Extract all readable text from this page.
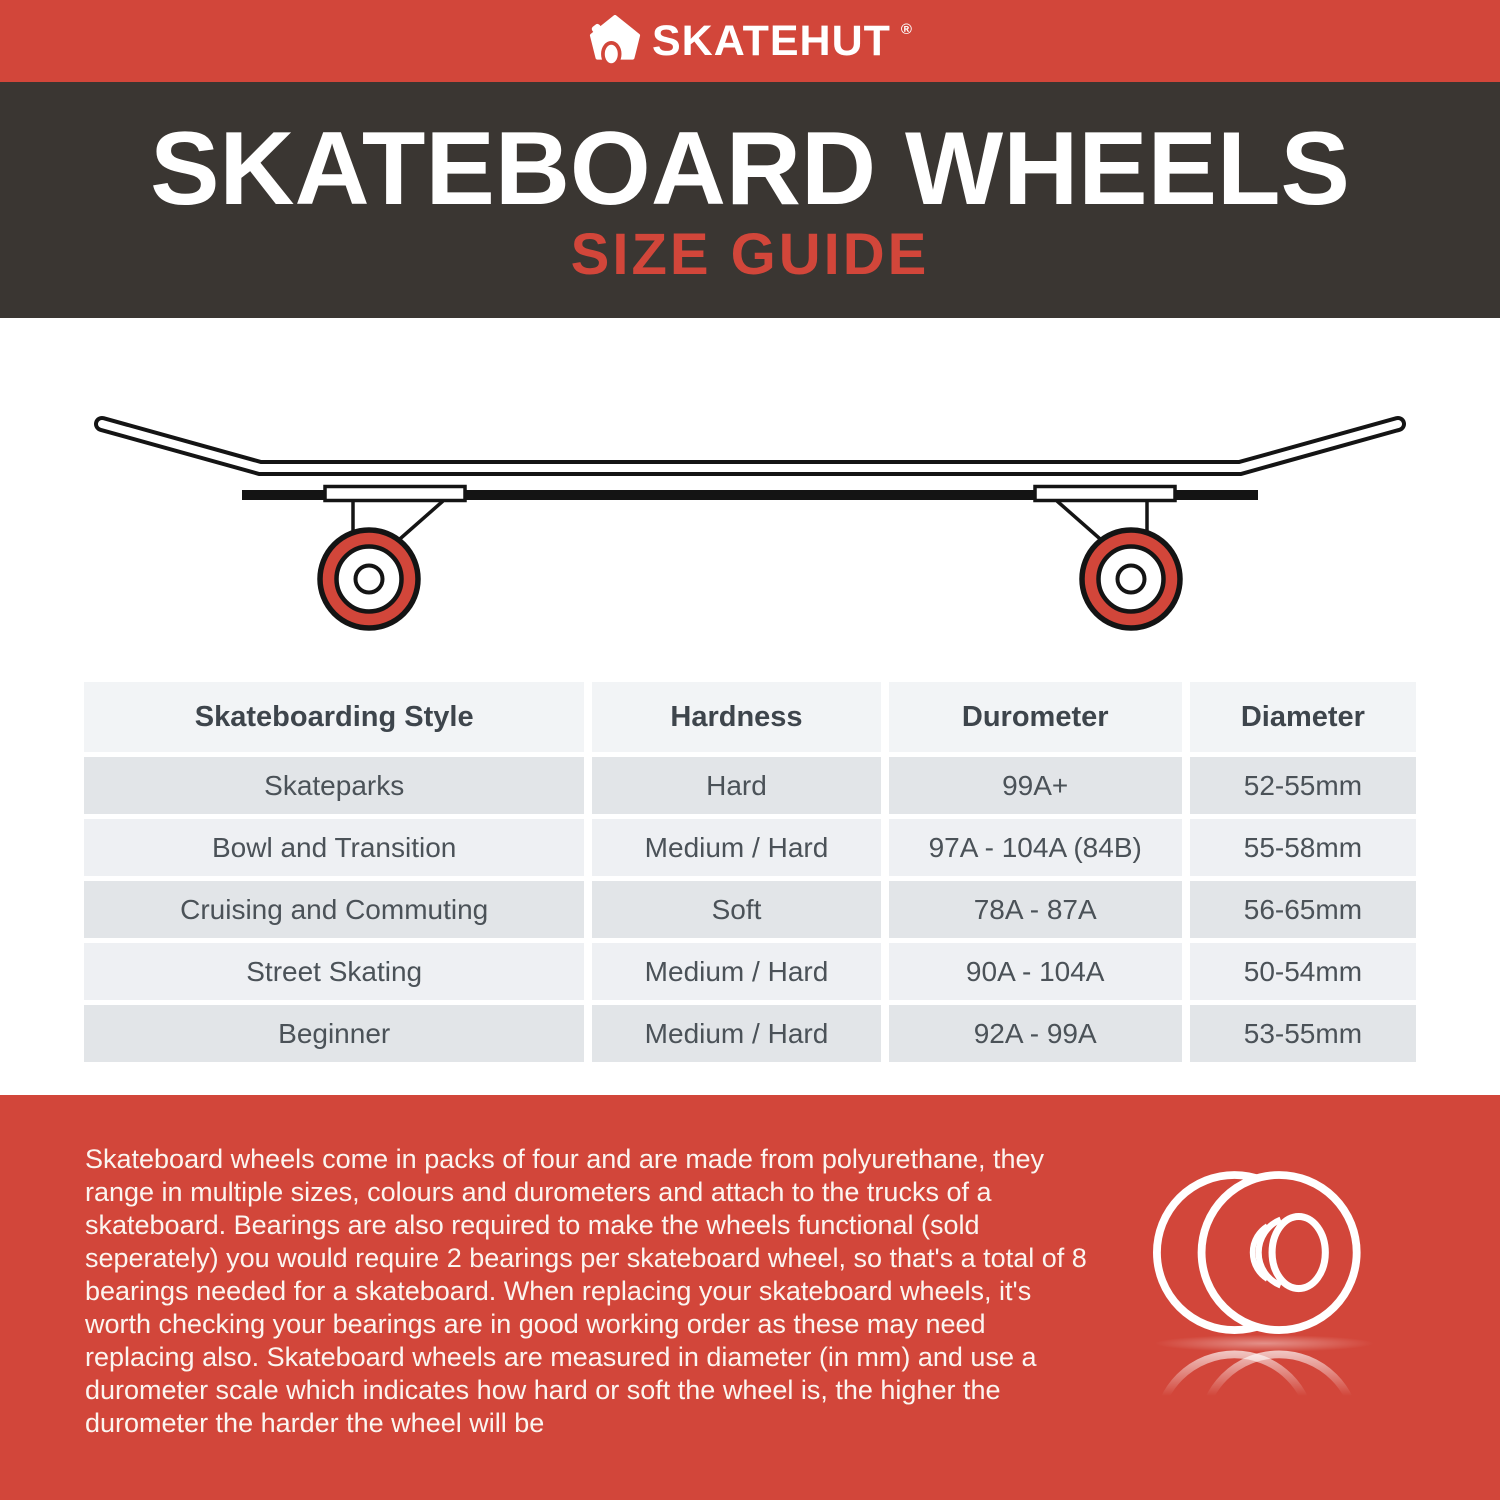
SKATEHUT ®
SKATEBOARD WHEELS
SIZE GUIDE
Skateboarding Style	Hardness	Durometer	Diameter
Skateparks	Hard	99A+	52-55mm
Bowl and Transition	Medium / Hard	97A - 104A (84B)	55-58mm
Cruising and Commuting	Soft	78A - 87A	56-65mm
Street Skating	Medium / Hard	90A - 104A	50-54mm
Beginner	Medium / Hard	92A - 99A	53-55mm

Skateboard wheels come in packs of four and are made from polyurethane, they range in multiple sizes, colours and durometers and attach to the trucks of a skateboard. Bearings are also required to make the wheels functional (sold seperately) you would require 2 bearings per skateboard wheel, so that's a total of 8 bearings needed for a skateboard. When replacing your skateboard wheels, it's worth checking your bearings are in good working order as these may need replacing also. Skateboard wheels are measured in diameter (in mm) and use a durometer scale which indicates how hard or soft the wheel is, the higher the durometer the harder the wheel will be
